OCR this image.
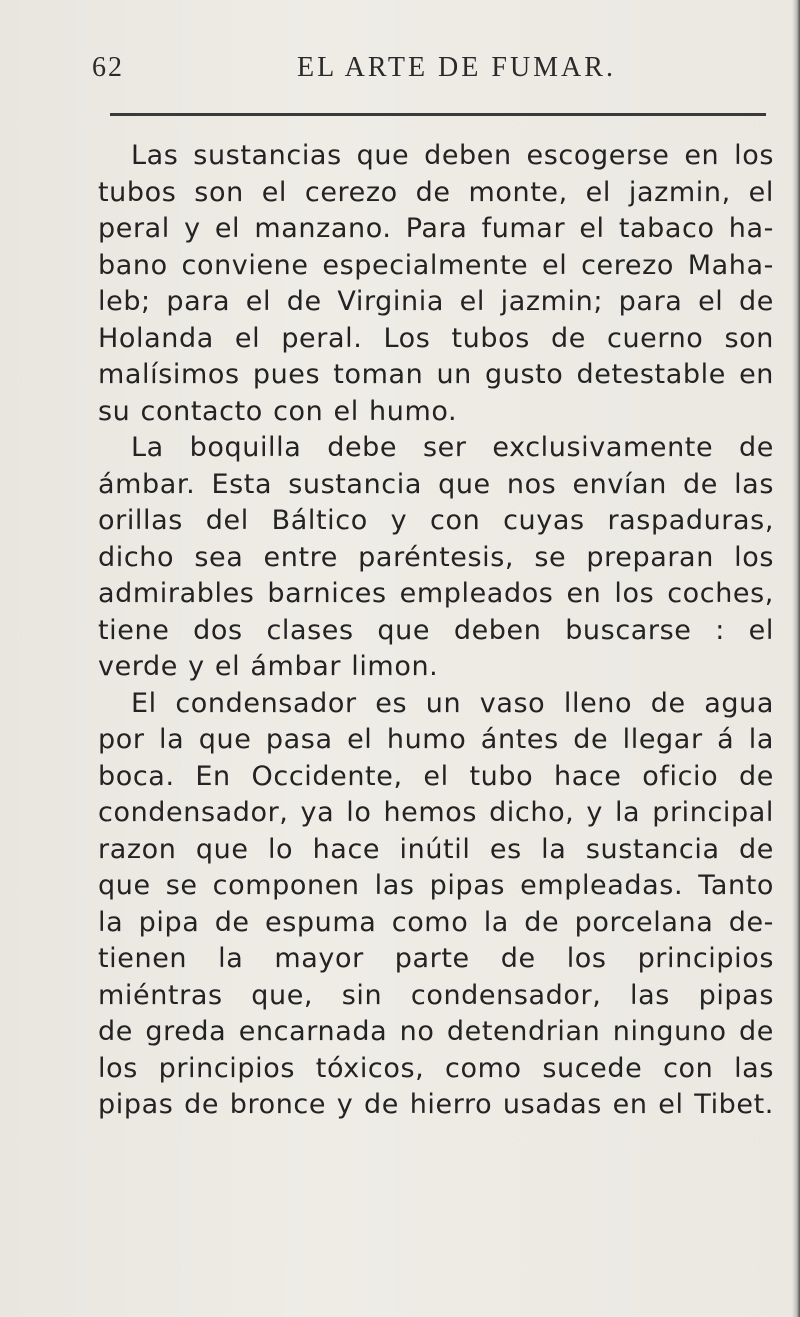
62	EL ARTE DE FUMAR.
Las sustancias que deben escogerse en los
tubos son el cerezo de monte, el jazmin, el
peral y el manzano. Para fumar el tabaco ha-
bano conviene especialmente el cerezo Maha-
leb; para el de Virginia el jazmin; para el de
Holanda el peral. Los tubos de cuerno son
malísimos pues toman un gusto detestable en
su contacto con el humo.
La boquilla debe ser exclusivamente de
ámbar. Esta sustancia que nos envían de las
orillas del Báltico y con cuyas raspaduras,
dicho sea entre paréntesis, se preparan los
admirables barnices empleados en los coches,
tiene dos clases que deben buscarse : el
verde y el ámbar limon.
El condensador es un vaso lleno de agua
por la que pasa el humo ántes de llegar á la
boca. En Occidente, el tubo hace oficio de
condensador, ya lo hemos dicho, y la principal
razon que lo hace inútil es la sustancia de
que se componen las pipas empleadas. Tanto
la pipa de espuma como la de porcelana de-
tienen la mayor parte de los principios
miéntras que, sin condensador, las pipas
de greda encarnada no detendrian ninguno de
los principios tóxicos, como sucede con las
pipas de bronce y de hierro usadas en el Tibet.
